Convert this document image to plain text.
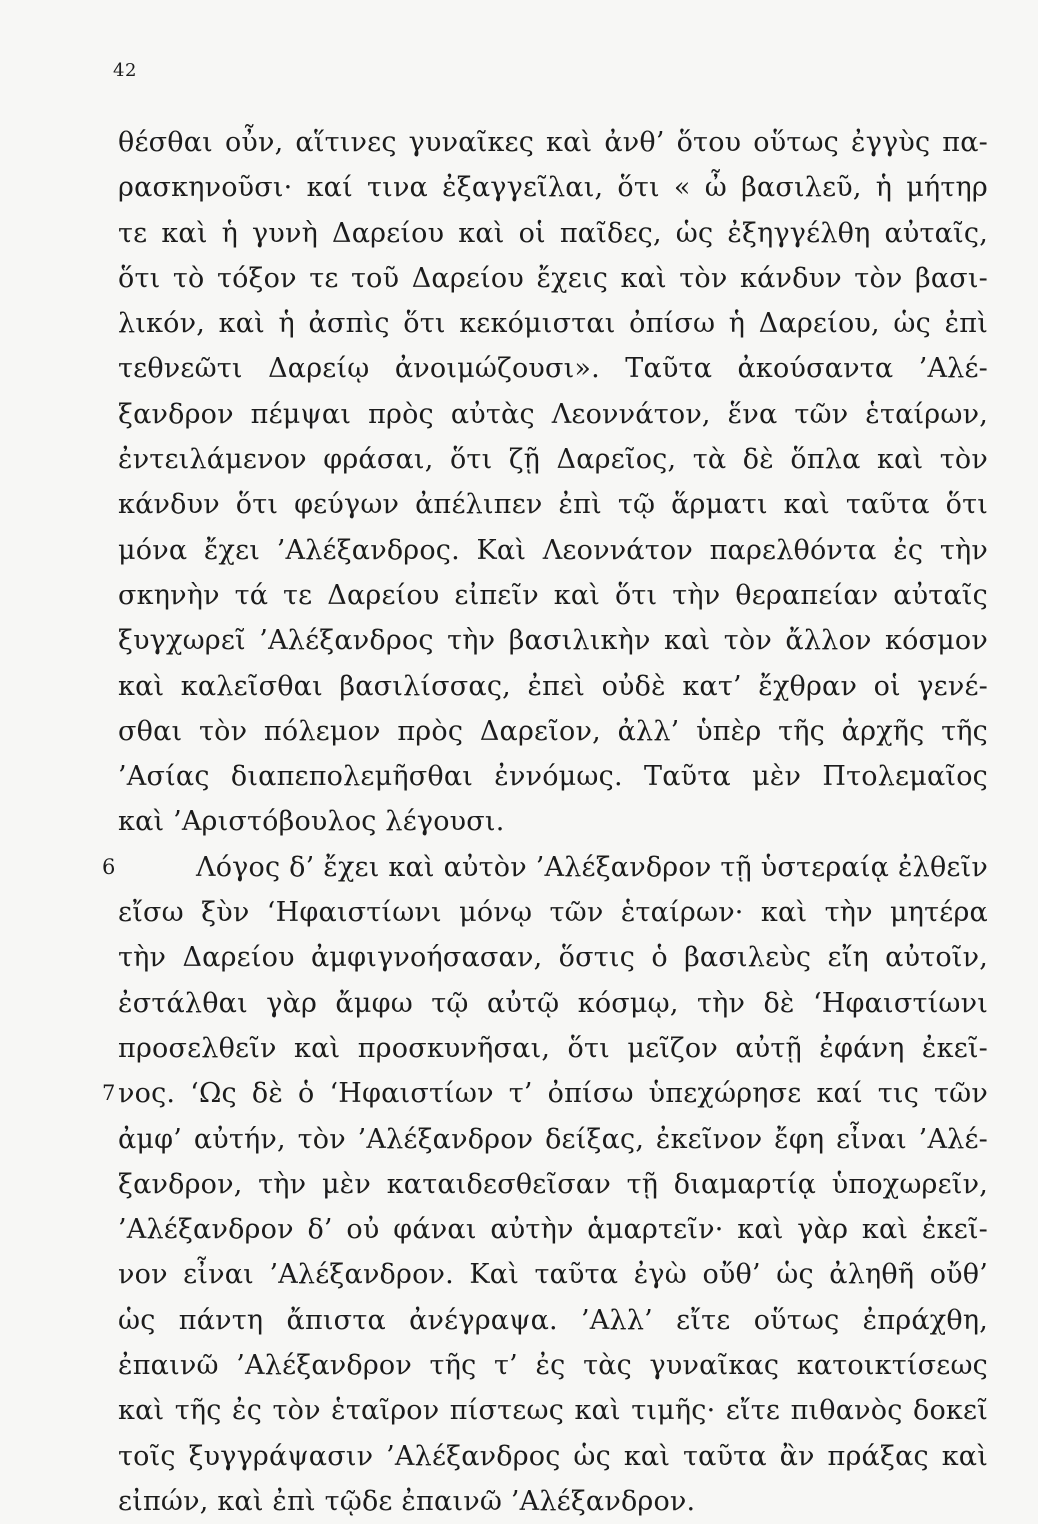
42
θέσθαι οὖν, αἵτινες γυναῖκες καὶ ἀνθ’ ὅτου οὕτως ἐγγὺς πα-
ρασκηνοῦσι· καί τινα ἐξαγγεῖλαι, ὅτι « ὦ βασιλεῦ, ἡ μήτηρ
τε καὶ ἡ γυνὴ Δαρείου καὶ οἱ παῖδες, ὡς ἐξηγγέλθη αὐταῖς,
ὅτι τὸ τόξον τε τοῦ Δαρείου ἔχεις καὶ τὸν κάνδυν τὸν βασι-
λικόν, καὶ ἡ ἀσπὶς ὅτι κεκόμισται ὀπίσω ἡ Δαρείου, ὡς ἐπὶ
τεθνεῶτι Δαρείῳ ἀνοιμώζουσι». Ταῦτα ἀκούσαντα ’Αλέ-
ξανδρον πέμψαι πρὸς αὐτὰς Λεοννάτον, ἕνα τῶν ἑταίρων,
ἐντειλάμενον φράσαι, ὅτι ζῇ Δαρεῖος, τὰ δὲ ὅπλα καὶ τὸν
κάνδυν ὅτι φεύγων ἀπέλιπεν ἐπὶ τῷ ἅρματι καὶ ταῦτα ὅτι
μόνα ἔχει ’Αλέξανδρος. Καὶ Λεοννάτον παρελθόντα ἐς τὴν
σκηνὴν τά τε Δαρείου εἰπεῖν καὶ ὅτι τὴν θεραπείαν αὐταῖς
ξυγχωρεῖ ’Αλέξανδρος τὴν βασιλικὴν καὶ τὸν ἄλλον κόσμον
καὶ καλεῖσθαι βασιλίσσας, ἐπεὶ οὐδὲ κατ’ ἔχθραν οἱ γενέ-
σθαι τὸν πόλεμον πρὸς Δαρεῖον, ἀλλ’ ὑπὲρ τῆς ἀρχῆς τῆς
’Ασίας διαπεπολεμῆσθαι ἐννόμως. Ταῦτα μὲν Πτολεμαῖος
καὶ ’Αριστόβουλος λέγουσι.
6	Λόγος δ’ ἔχει καὶ αὐτὸν ’Αλέξανδρον τῇ ὑστεραίᾳ ἐλθεῖν
εἴσω ξὺν ‘Ηφαιστίωνι μόνῳ τῶν ἑταίρων· καὶ τὴν μητέρα
τὴν Δαρείου ἀμφιγνοήσασαν, ὅστις ὁ βασιλεὺς εἴη αὐτοῖν,
ἐστάλθαι γὰρ ἄμφω τῷ αὐτῷ κόσμῳ, τὴν δὲ ‘Ηφαιστίωνι
προσελθεῖν καὶ προσκυνῆσαι, ὅτι μεῖζον αὐτῇ ἐφάνη ἐκεῖ-
7 νος. ‘Ως δὲ ὁ ‘Ηφαιστίων τ’ ὀπίσω ὑπεχώρησε καί τις τῶν
ἀμφ’ αὐτήν, τὸν ’Αλέξανδρον δείξας, ἐκεῖνον ἔφη εἶναι ’Αλέ-
ξανδρον, τὴν μὲν καταιδεσθεῖσαν τῇ διαμαρτίᾳ ὑποχωρεῖν,
’Αλέξανδρον δ’ οὐ φάναι αὐτὴν ἁμαρτεῖν· καὶ γὰρ καὶ ἐκεῖ-
νον εἶναι ’Αλέξανδρον. Καὶ ταῦτα ἐγὼ οὔθ’ ὡς ἀληθῆ οὔθ’
ὡς πάντη ἄπιστα ἀνέγραψα. ’Αλλ’ εἴτε οὕτως ἐπράχθη,
ἐπαινῶ ’Αλέξανδρον τῆς τ’ ἐς τὰς γυναῖκας κατοικτίσεως
καὶ τῆς ἐς τὸν ἑταῖρον πίστεως καὶ τιμῆς· εἴτε πιθανὸς δοκεῖ
τοῖς ξυγγράψασιν ’Αλέξανδρος ὡς καὶ ταῦτα ἂν πράξας καὶ
εἰπών, καὶ ἐπὶ τῷδε ἐπαινῶ ’Αλέξανδρον.
